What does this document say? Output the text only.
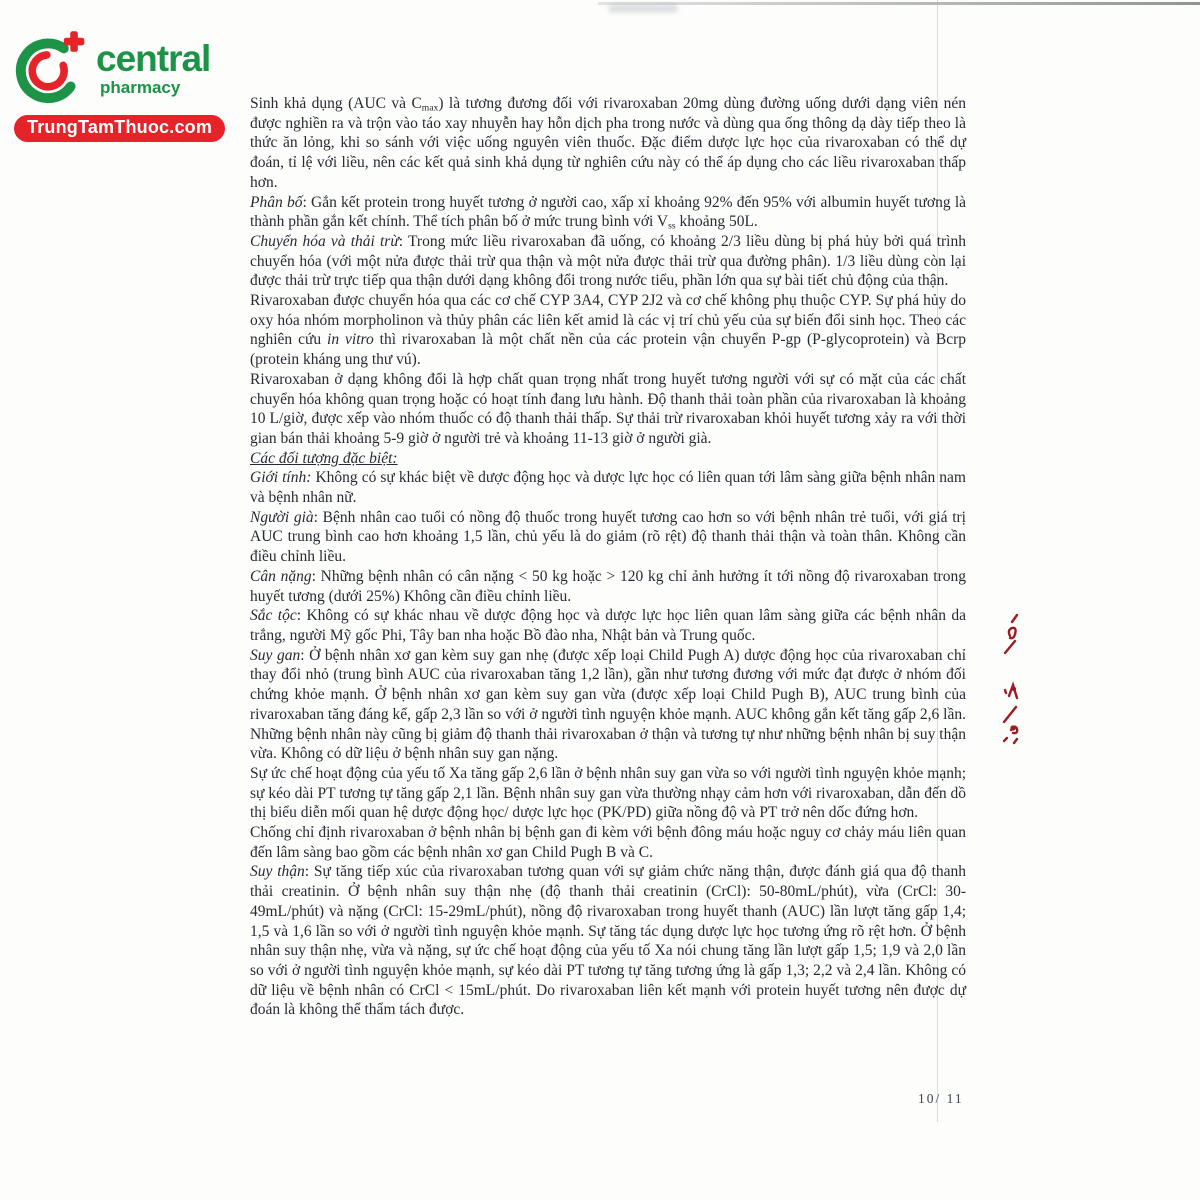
central
pharmacy
TrungTamThuoc.com

Sinh khả dụng (AUC và $C_{max}$) là tương đương đối với rivaroxaban 20mg dùng đường uống dưới dạng viên nén được nghiền ra và trộn vào táo xay nhuyễn hay hỗn dịch pha trong nước và dùng qua ống thông dạ dày tiếp theo là thức ăn lỏng, khi so sánh với việc uống nguyên viên thuốc. Đặc điểm dược lực học của rivaroxaban có thể dự đoán, tỉ lệ với liều, nên các kết quả sinh khả dụng từ nghiên cứu này có thể áp dụng cho các liều rivaroxaban thấp hơn.

Phân bố: Gắn kết protein trong huyết tương ở người cao, xấp xỉ khoảng 92% đến 95% với albumin huyết tương là thành phần gắn kết chính. Thể tích phân bố ở mức trung bình với $V_{ss}$ khoảng 50L.

Chuyển hóa và thải trừ: Trong mức liều rivaroxaban đã uống, có khoảng 2/3 liều dùng bị phá hủy bởi quá trình chuyển hóa (với một nửa được thải trừ qua thận và một nửa được thải trừ qua đường phân). 1/3 liều dùng còn lại được thải trừ trực tiếp qua thận dưới dạng không đổi trong nước tiểu, phần lớn qua sự bài tiết chủ động của thận.

Rivaroxaban được chuyển hóa qua các cơ chế CYP 3A4, CYP 2J2 và cơ chế không phụ thuộc CYP. Sự phá hủy do oxy hóa nhóm morpholinon và thủy phân các liên kết amid là các vị trí chủ yếu của sự biến đổi sinh học. Theo các nghiên cứu in vitro thì rivaroxaban là một chất nền của các protein vận chuyển P-gp (P-glycoprotein) và Bcrp (protein kháng ung thư vú).

Rivaroxaban ở dạng không đổi là hợp chất quan trọng nhất trong huyết tương người với sự có mặt của các chất chuyển hóa không quan trọng hoặc có hoạt tính đang lưu hành. Độ thanh thải toàn phần của rivaroxaban là khoảng 10 L/giờ, được xếp vào nhóm thuốc có độ thanh thải thấp. Sự thải trừ rivaroxaban khỏi huyết tương xảy ra với thời gian bán thải khoảng 5-9 giờ ở người trẻ và khoảng 11-13 giờ ở người già.

Các đối tượng đặc biệt:

Giới tính: Không có sự khác biệt về dược động học và dược lực học có liên quan tới lâm sàng giữa bệnh nhân nam và bệnh nhân nữ.

Người già: Bệnh nhân cao tuổi có nồng độ thuốc trong huyết tương cao hơn so với bệnh nhân trẻ tuổi, với giá trị AUC trung bình cao hơn khoảng 1,5 lần, chủ yếu là do giảm (rõ rệt) độ thanh thải thận và toàn thân. Không cần điều chỉnh liều.

Cân nặng: Những bệnh nhân có cân nặng < 50 kg hoặc > 120 kg chỉ ảnh hưởng ít tới nồng độ rivaroxaban trong huyết tương (dưới 25%) Không cần điều chỉnh liều.

Sắc tộc: Không có sự khác nhau về dược động học và dược lực học liên quan lâm sàng giữa các bệnh nhân da trắng, người Mỹ gốc Phi, Tây ban nha hoặc Bồ đào nha, Nhật bản và Trung quốc.

Suy gan: Ở bệnh nhân xơ gan kèm suy gan nhẹ (được xếp loại Child Pugh A) dược động học của rivaroxaban chỉ thay đổi nhỏ (trung bình AUC của rivaroxaban tăng 1,2 lần), gần như tương đương với mức đạt được ở nhóm đối chứng khỏe mạnh. Ở bệnh nhân xơ gan kèm suy gan vừa (được xếp loại Child Pugh B), AUC trung bình của rivaroxaban tăng đáng kể, gấp 2,3 lần so với ở người tình nguyện khỏe mạnh. AUC không gắn kết tăng gấp 2,6 lần. Những bệnh nhân này cũng bị giảm độ thanh thải rivaroxaban ở thận và tương tự như những bệnh nhân bị suy thận vừa. Không có dữ liệu ở bệnh nhân suy gan nặng.

Sự ức chế hoạt động của yếu tố Xa tăng gấp 2,6 lần ở bệnh nhân suy gan vừa so với người tình nguyện khỏe mạnh; sự kéo dài PT tương tự tăng gấp 2,1 lần. Bệnh nhân suy gan vừa thường nhạy cảm hơn với rivaroxaban, dẫn đến dồ thị biểu diễn mối quan hệ dược động học/ dược lực học (PK/PD) giữa nồng độ và PT trở nên dốc đứng hơn.

Chống chỉ định rivaroxaban ở bệnh nhân bị bệnh gan đi kèm với bệnh đông máu hoặc nguy cơ chảy máu liên quan đến lâm sàng bao gồm các bệnh nhân xơ gan Child Pugh B và C.

Suy thận: Sự tăng tiếp xúc của rivaroxaban tương quan với sự giảm chức năng thận, được đánh giá qua độ thanh thải creatinin. Ở bệnh nhân suy thận nhẹ (độ thanh thải creatinin (CrCl): 50-80mL/phút), vừa (CrCl: 30-49mL/phút) và nặng (CrCl: 15-29mL/phút), nồng độ rivaroxaban trong huyết thanh (AUC) lần lượt tăng gấp 1,4; 1,5 và 1,6 lần so với ở người tình nguyện khỏe mạnh. Sự tăng tác dụng dược lực học tương ứng rõ rệt hơn. Ở bệnh nhân suy thận nhẹ, vừa và nặng, sự ức chế hoạt động của yếu tố Xa nói chung tăng lần lượt gấp 1,5; 1,9 và 2,0 lần so với ở người tình nguyện khỏe mạnh, sự kéo dài PT tương tự tăng tương ứng là gấp 1,3; 2,2 và 2,4 lần. Không có dữ liệu về bệnh nhân có CrCl < 15mL/phút. Do rivaroxaban liên kết mạnh với protein huyết tương nên được dự đoán là không thể thẩm tách được.

10/ 11
